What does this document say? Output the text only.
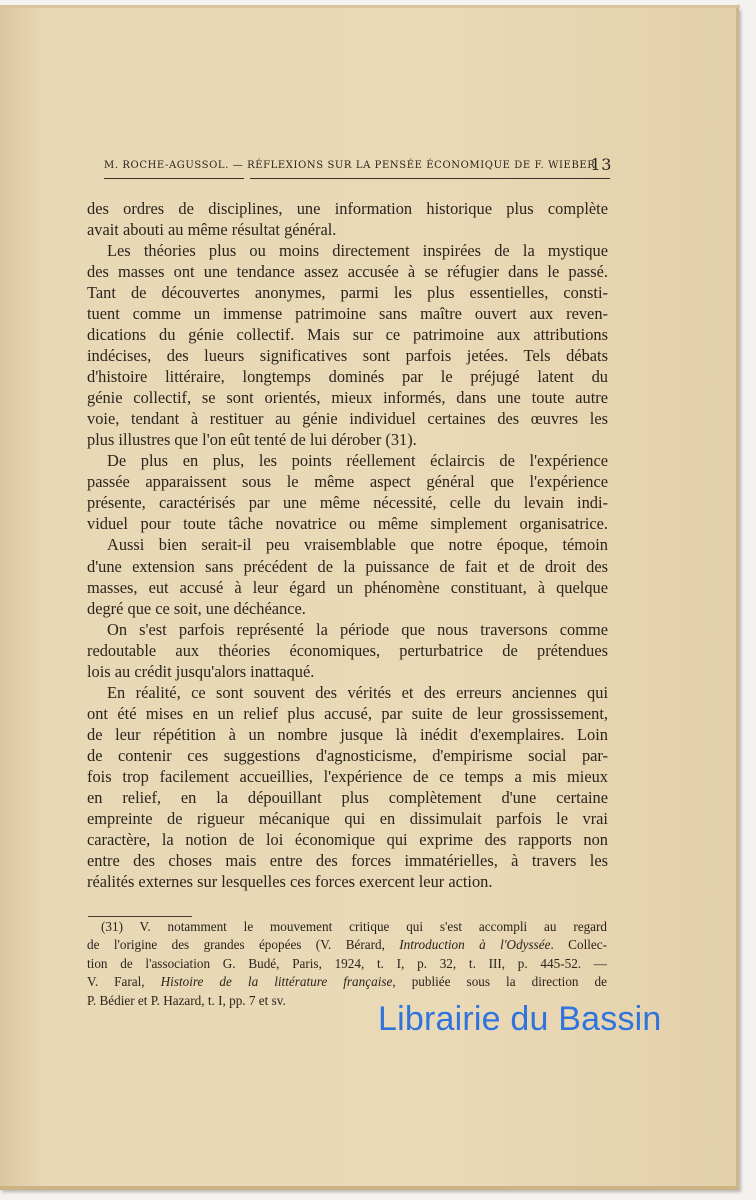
M. ROCHE-AGUSSOL. — RÉFLEXIONS SUR LA PENSÉE ÉCONOMIQUE DE F. WIEBER
13
des ordres de disciplines, une information historique plus complète
avait abouti au même résultat général.
Les théories plus ou moins directement inspirées de la mystique
des masses ont une tendance assez accusée à se réfugier dans le passé.
Tant de découvertes anonymes, parmi les plus essentielles, consti-
tuent comme un immense patrimoine sans maître ouvert aux reven-
dications du génie collectif. Mais sur ce patrimoine aux attributions
indécises, des lueurs significatives sont parfois jetées. Tels débats
d'histoire littéraire, longtemps dominés par le préjugé latent du
génie collectif, se sont orientés, mieux informés, dans une toute autre
voie, tendant à restituer au génie individuel certaines des œuvres les
plus illustres que l'on eût tenté de lui dérober (31).
De plus en plus, les points réellement éclaircis de l'expérience
passée apparaissent sous le même aspect général que l'expérience
présente, caractérisés par une même nécessité, celle du levain indi-
viduel pour toute tâche novatrice ou même simplement organisatrice.
Aussi bien serait-il peu vraisemblable que notre époque, témoin
d'une extension sans précédent de la puissance de fait et de droit des
masses, eut accusé à leur égard un phénomène constituant, à quelque
degré que ce soit, une déchéance.
On s'est parfois représenté la période que nous traversons comme
redoutable aux théories économiques, perturbatrice de prétendues
lois au crédit jusqu'alors inattaqué.
En réalité, ce sont souvent des vérités et des erreurs anciennes qui
ont été mises en un relief plus accusé, par suite de leur grossissement,
de leur répétition à un nombre jusque là inédit d'exemplaires. Loin
de contenir ces suggestions d'agnosticisme, d'empirisme social par-
fois trop facilement accueillies, l'expérience de ce temps a mis mieux
en relief, en la dépouillant plus complètement d'une certaine
empreinte de rigueur mécanique qui en dissimulait parfois le vrai
caractère, la notion de loi économique qui exprime des rapports non
entre des choses mais entre des forces immatérielles, à travers les
réalités externes sur lesquelles ces forces exercent leur action.
(31) V. notamment le mouvement critique qui s'est accompli au regard
de l'origine des grandes épopées (V. Bérard, Introduction à l'Odyssée. Collec-
tion de l'association G. Budé, Paris, 1924, t. I, p. 32, t. III, p. 445-52. —
V. Faral, Histoire de la littérature française, publiée sous la direction de
P. Bédier et P. Hazard, t. I, pp. 7 et sv.	Librairie du Bassin
